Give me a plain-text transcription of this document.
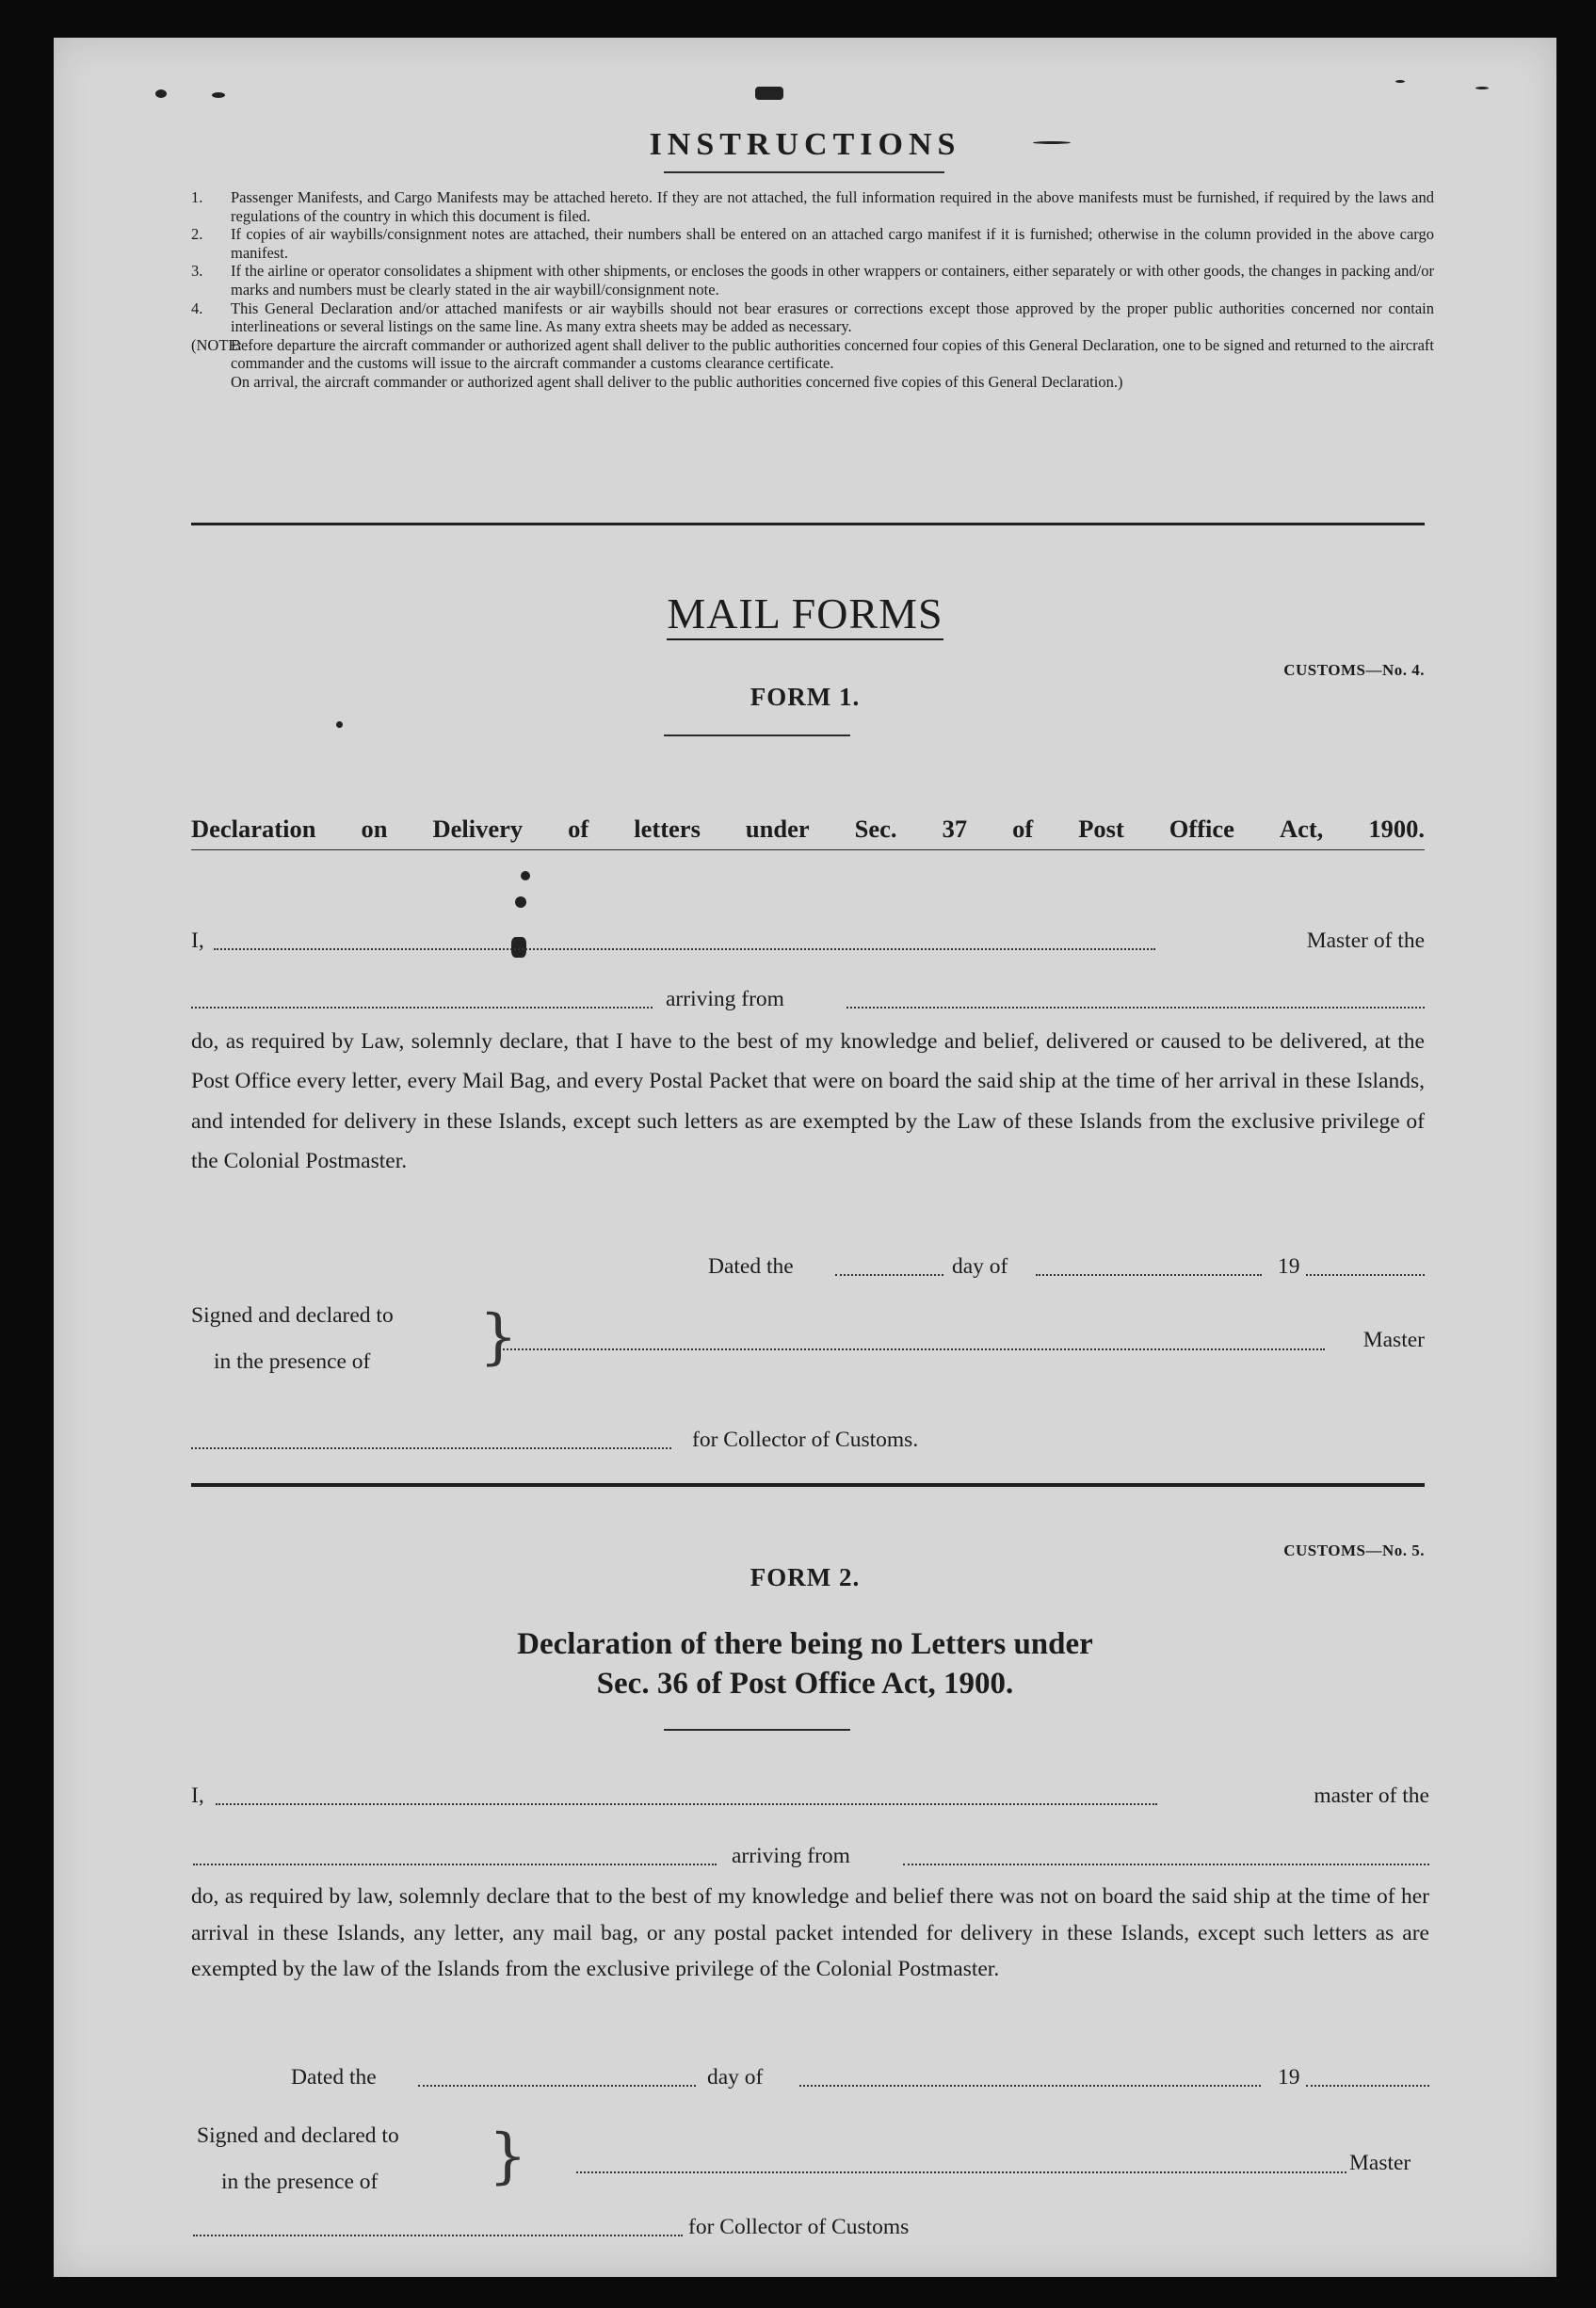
INSTRUCTIONS
1. Passenger Manifests, and Cargo Manifests may be attached hereto. If they are not attached, the full information required in the above manifests must be furnished, if required by the laws and regulations of the country in which this document is filed.
2. If copies of air waybills/consignment notes are attached, their numbers shall be entered on an attached cargo manifest if it is furnished; otherwise in the column provided in the above cargo manifest.
3. If the airline or operator consolidates a shipment with other shipments, or encloses the goods in other wrappers or containers, either separately or with other goods, the changes in packing and/or marks and numbers must be clearly stated in the air waybill/consignment note.
4. This General Declaration and/or attached manifests or air waybills should not bear erasures or corrections except those approved by the proper public authorities concerned nor contain interlineations or several listings on the same line. As many extra sheets may be added as necessary.
(NOTE:
Before departure the aircraft commander or authorized agent shall deliver to the public authorities concerned four copies of this General Declaration, one to be signed and returned to the aircraft commander and the customs will issue to the aircraft commander a customs clearance certificate.
On arrival, the aircraft commander or authorized agent shall deliver to the public authorities concerned five copies of this General Declaration.)
MAIL FORMS
CUSTOMS—No. 4.
FORM 1.
Declaration on Delivery of letters under Sec. 37 of Post Office Act, 1900.
I,	Master of the
arriving from
do, as required by Law, solemnly declare, that I have to the best of my knowledge and belief, delivered or caused to be delivered, at the Post Office every letter, every Mail Bag, and every Postal Packet that were on board the said ship at the time of her arrival in these Islands, and intended for delivery in these Islands, except such letters as are exempted by the Law of these Islands from the exclusive privilege of the Colonial Postmaster.
Dated the	day of	19
Signed and declared to
in the presence of }	Master
for Collector of Customs.
CUSTOMS—No. 5.
FORM 2.
Declaration of there being no Letters under
Sec. 36 of Post Office Act, 1900.
I,	master of the
arriving from
do, as required by law, solemnly declare that to the best of my knowledge and belief there was not on board the said ship at the time of her arrival in these Islands, any letter, any mail bag, or any postal packet intended for delivery in these Islands, except such letters as are exempted by the law of the Islands from the exclusive privilege of the Colonial Postmaster.
Dated the	day of	19
Signed and declared to
in the presence of }	Master
for Collector of Customs
